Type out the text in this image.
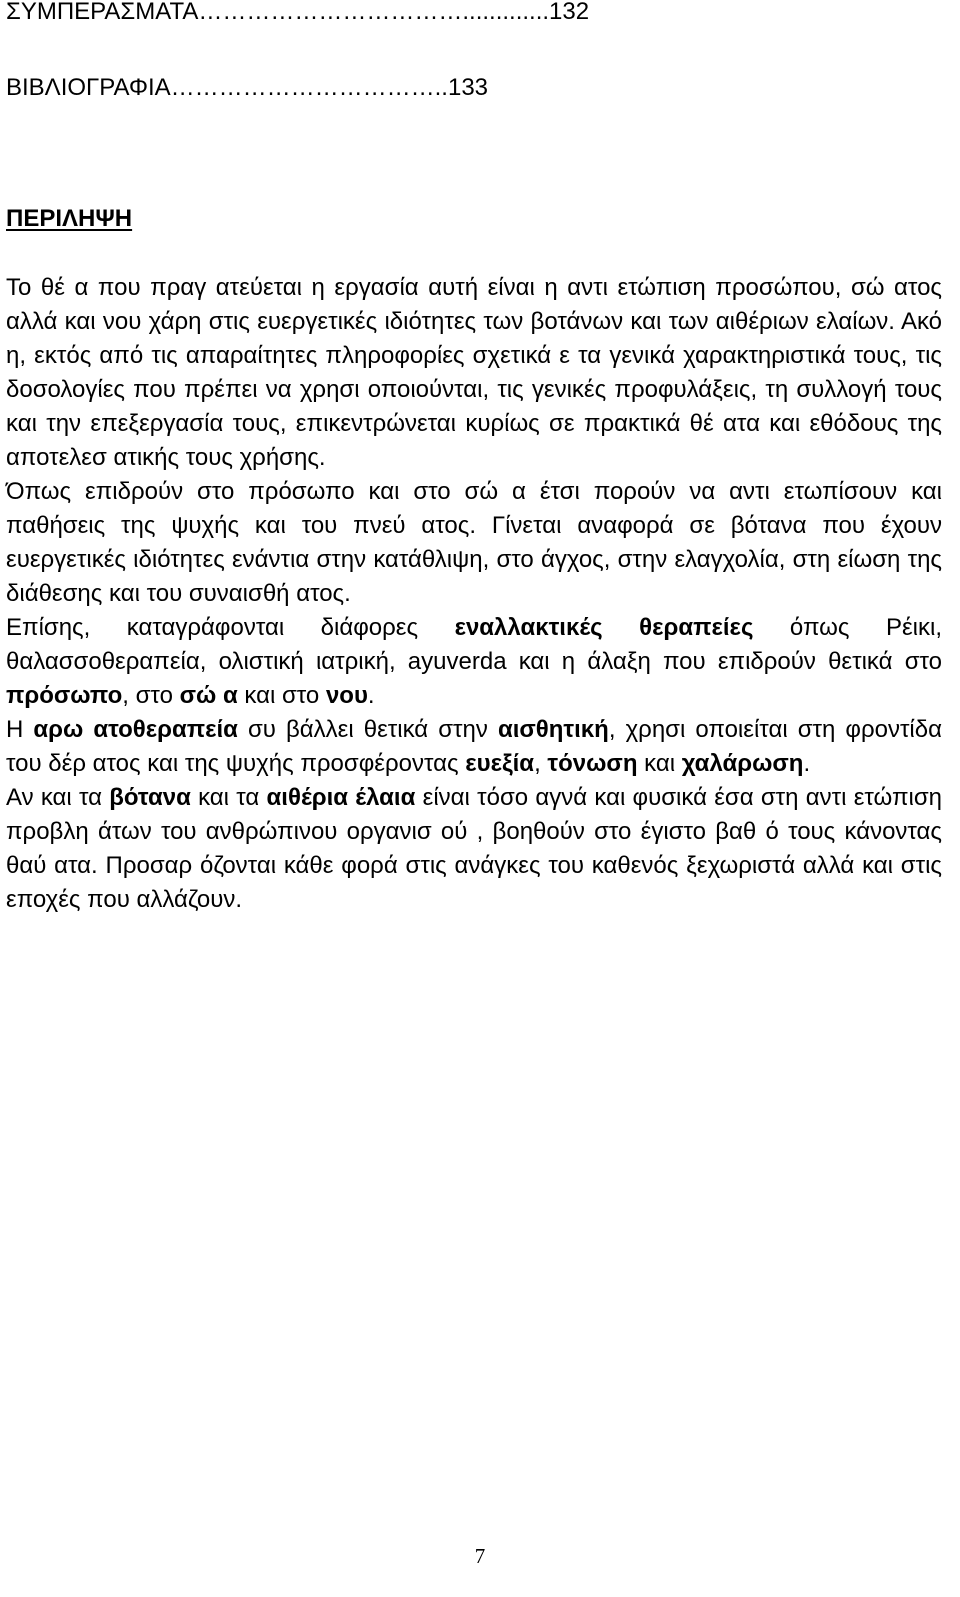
ΣΥΜΠΕΡΑΣΜΑΤΑ…………………………….............132
ΒΙΒΛΙΟΓΡΑΦΙΑ……………………………..133
ΠΕΡΙΛΗΨΗ

Το θέ α που πραγ ατεύεται η εργασία αυτή είναι η αντι ετώπιση προσώπου, σώ ατος αλλά και νου χάρη στις ευεργετικές ιδιότητες των βοτάνων και των αιθέριων ελαίων. Ακό η, εκτός από τις απαραίτητες πληροφορίες σχετικά ε τα γενικά χαρακτηριστικά τους, τις δοσολογίες που πρέπει να χρησι οποιούνται, τις γενικές προφυλάξεις, τη συλλογή τους και την επεξεργασία τους, επικεντρώνεται κυρίως σε πρακτικά θέ ατα και εθόδους της αποτελεσ ατικής τους χρήσης.

Όπως επιδρούν στο πρόσωπο και στο σώ α έτσι πορούν να αντι ετωπίσουν και παθήσεις της ψυχής και του πνεύ ατος. Γίνεται αναφορά σε βότανα που έχουν ευεργετικές ιδιότητες ενάντια στην κατάθλιψη, στο άγχος, στην ελαγχολία, στη είωση της διάθεσης και του συναισθή ατος.

Επίσης, καταγράφονται διάφορες εναλλακτικές θεραπείες όπως Ρέικι, θαλασσοθεραπεία, ολιστική ιατρική, ayuverda και η άλαξη που επιδρούν θετικά στο πρόσωπο, στο σώ α και στο νου.

Η αρω ατοθεραπεία συ βάλλει θετικά στην αισθητική, χρησι οποιείται στη φροντίδα του δέρ ατος και της ψυχής προσφέροντας ευεξία, τόνωση και χαλάρωση.

Αν και τα βότανα και τα αιθέρια έλαια είναι τόσο αγνά και φυσικά έσα στη αντι ετώπιση προβλη άτων του ανθρώπινου οργανισ ού , βοηθούν στο έγιστο βαθ ό τους κάνοντας θαύ ατα. Προσαρ όζονται κάθε φορά στις ανάγκες του καθενός ξεχωριστά αλλά και στις εποχές που αλλάζουν.

7
